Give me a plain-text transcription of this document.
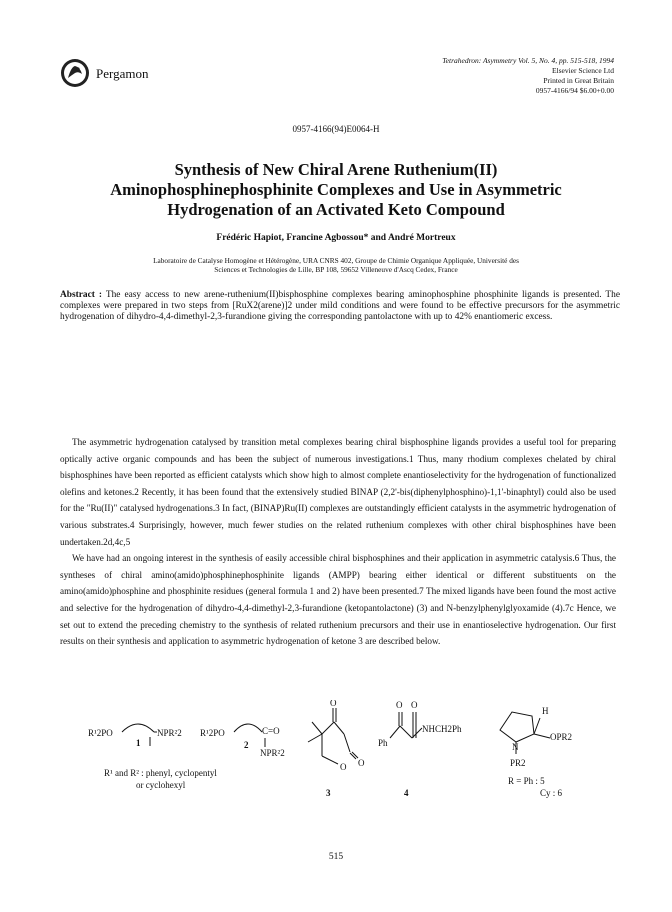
Pergamon
Tetrahedron: Asymmetry Vol. 5, No. 4, pp. 515-518, 1994
Elsevier Science Ltd
Printed in Great Britain
0957-4166/94 $6.00+0.00
0957-4166(94)E0064-H
Synthesis of New Chiral Arene Ruthenium(II)
Aminophosphinephosphinite Complexes and Use in Asymmetric
Hydrogenation of an Activated Keto Compound
Frédéric Hapiot, Francine Agbossou* and André Mortreux
Laboratoire de Catalyse Homogène et Hétérogène, URA CNRS 402, Groupe de Chimie Organique Appliquée, Université des
Sciences et Technologies de Lille, BP 108, 59652 Villeneuve d'Ascq Cedex, France
Abstract : The easy access to new arene-ruthenium(II)bisphosphine complexes bearing aminophosphine phosphinite ligands is presented. The complexes were prepared in two steps from [RuX2(arene)]2 under mild conditions and were found to be effective precursors for the asymmetric hydrogenation of dihydro-4,4-dimethyl-2,3-furandione giving the corresponding pantolactone with up to 42% enantiomeric excess.

The asymmetric hydrogenation catalysed by transition metal complexes bearing chiral bisphosphine ligands provides a useful tool for preparing optically active organic compounds and has been the subject of numerous investigations.1 Thus, many rhodium complexes chelated by chiral bisphosphines have been reported as efficient catalysts which show high to almost complete enantioselectivity for the hydrogenation of functionalized olefins and ketones.2 Recently, it has been found that the extensively studied BINAP (2,2'-bis(diphenylphosphino)-1,1'-binaphtyl) could also be used for the "Ru(II)" catalysed hydrogenations.3 In fact, (BINAP)Ru(II) complexes are outstandingly efficient catalysts in the asymmetric hydrogenation of various substrates.4 Surprisingly, however, much fewer studies on the related ruthenium complexes with other chiral bisphosphines have been undertaken.2d,4c,5

We have had an ongoing interest in the synthesis of easily accessible chiral bisphosphines and their application in asymmetric catalysis.6 Thus, the syntheses of chiral amino(amido)phosphinephosphinite ligands (AMPP) bearing either identical or different substituents on the amino(amido)phosphine and phosphinite residues (general formula 1 and 2) have been presented.7 The mixed ligands have been found the most active and selective for the hydrogenation of dihydro-4,4-dimethyl-2,3-furandione (ketopantolactone) (3) and N-benzylphenylglyoxamide (4).7c Hence, we set out to extend the preceding chemistry to the synthesis of related ruthenium precursors and their use in enantioselective hydrogenation. Our first results on their synthesis and application to asymmetric hydrogenation of ketone 3 are described below.

R¹2PO	NPR²2
1
R¹2PO	C=O
NPR²2
2
R¹ and R² : phenyl, cyclopentyl
or cyclohexyl
O
O
O
3
O O
Ph
NHCH2Ph
4
H
OPR2
N
PR2
R = Ph : 5
Cy : 6
515
